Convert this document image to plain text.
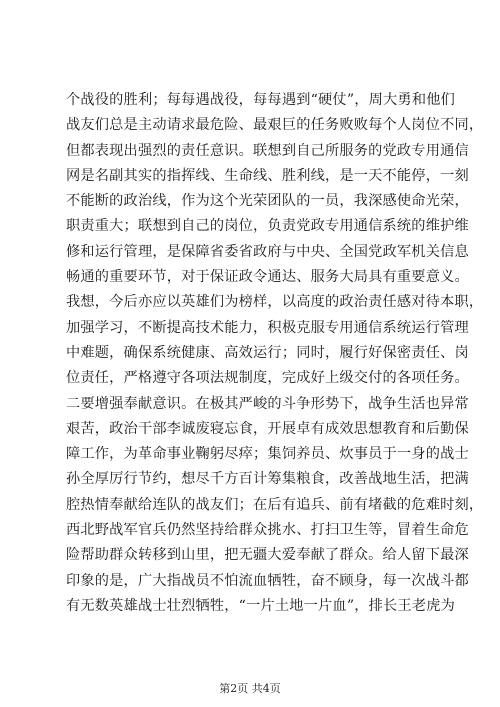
个战役的胜利；每每遇战役，每每遇到“硬仗”，周大勇和他们
战友们总是主动请求最危险、最艰巨的任务败败每个人岗位不同，
但都表现出强烈的责任意识。联想到自己所服务的党政专用通信
网是名副其实的指挥线、生命线、胜利线，是一天不能停，一刻
不能断的政治线，作为这个光荣团队的一员，我深感使命光荣，
职责重大；联想到自己的岗位，负责党政专用通信系统的维护维
修和运行管理，是保障省委省政府与中央、全国党政军机关信息
畅通的重要环节，对于保证政令通达、服务大局具有重要意义。
我想，今后亦应以英雄们为榜样，以高度的政治责任感对待本职，
加强学习，不断提高技术能力，积极克服专用通信系统运行管理
中难题，确保系统健康、高效运行；同时，履行好保密责任、岗
位责任，严格遵守各项法规制度，完成好上级交付的各项任务。
二要增强奉献意识。在极其严峻的斗争形势下，战争生活也异常
艰苦，政治干部李诚废寝忘食，开展卓有成效思想教育和后勤保
障工作，为革命事业鞠躬尽瘁；集饲养员、炊事员于一身的战士
孙全厚厉行节约，想尽千方百计筹集粮食，改善战地生活，把满
腔热情奉献给连队的战友们；在后有追兵、前有堵截的危难时刻，
西北野战军官兵仍然坚持给群众挑水、打扫卫生等，冒着生命危
险帮助群众转移到山里，把无疆大爱奉献了群众。给人留下最深
印象的是，广大指战员不怕流血牺牲，奋不顾身，每一次战斗都
有无数英雄战士壮烈牺牲，“一片土地一片血”，排长王老虎为
第2页 共4页
